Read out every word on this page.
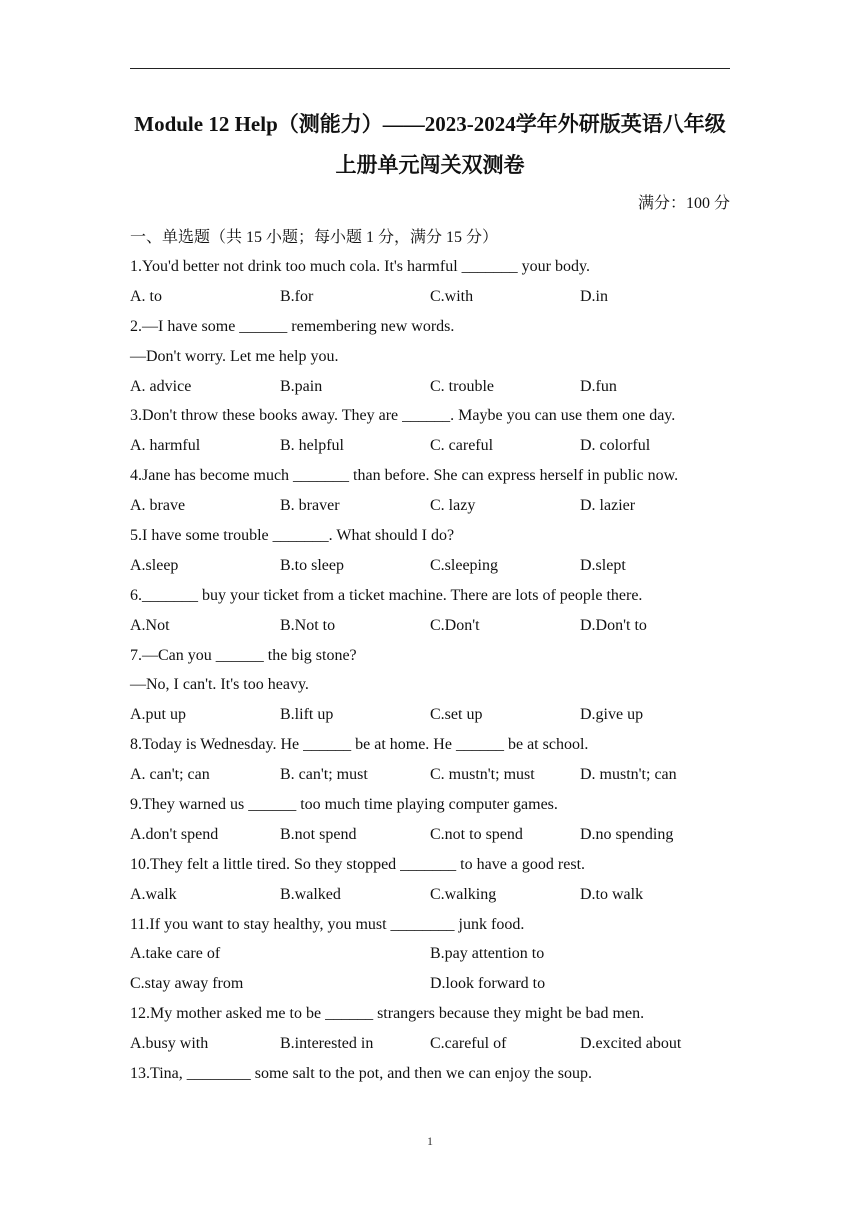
Module 12 Help（测能力）——2023-2024学年外研版英语八年级上册单元闯关双测卷
满分：100 分
一、单选题（共 15 小题；每小题 1 分，满分 15 分）
1.You'd better not drink too much cola. It's harmful _______ your body.
A. to	B.for	C.with	D.in
2.—I have some ______ remembering new words.
—Don't worry. Let me help you.
A. advice	B.pain	C. trouble	D.fun
3.Don't throw these books away. They are ______. Maybe you can use them one day.
A. harmful	B. helpful	C. careful	D. colorful
4.Jane has become much _______ than before. She can express herself in public now.
A. brave	B. braver	C. lazy	D. lazier
5.I have some trouble _______. What should I do?
A.sleep	B.to sleep	C.sleeping	D.slept
6._______ buy your ticket from a ticket machine. There are lots of people there.
A.Not	B.Not to	C.Don't	D.Don't to
7.—Can you ______ the big stone?
—No, I can't. It's too heavy.
A.put up	B.lift up	C.set up	D.give up
8.Today is Wednesday. He ______ be at home. He ______ be at school.
A. can't; can	B. can't; must	C. mustn't; must	D. mustn't; can
9.They warned us ______ too much time playing computer games.
A.don't spend	B.not spend	C.not to spend	D.no spending
10.They felt a little tired. So they stopped _______ to have a good rest.
A.walk	B.walked	C.walking	D.to walk
11.If you want to stay healthy, you must ________ junk food.
A.take care of	B.pay attention to
C.stay away from	D.look forward to
12.My mother asked me to be ______ strangers because they might be bad men.
A.busy with	B.interested in	C.careful of	D.excited about
13.Tina, ________ some salt to the pot, and then we can enjoy the soup.
1
